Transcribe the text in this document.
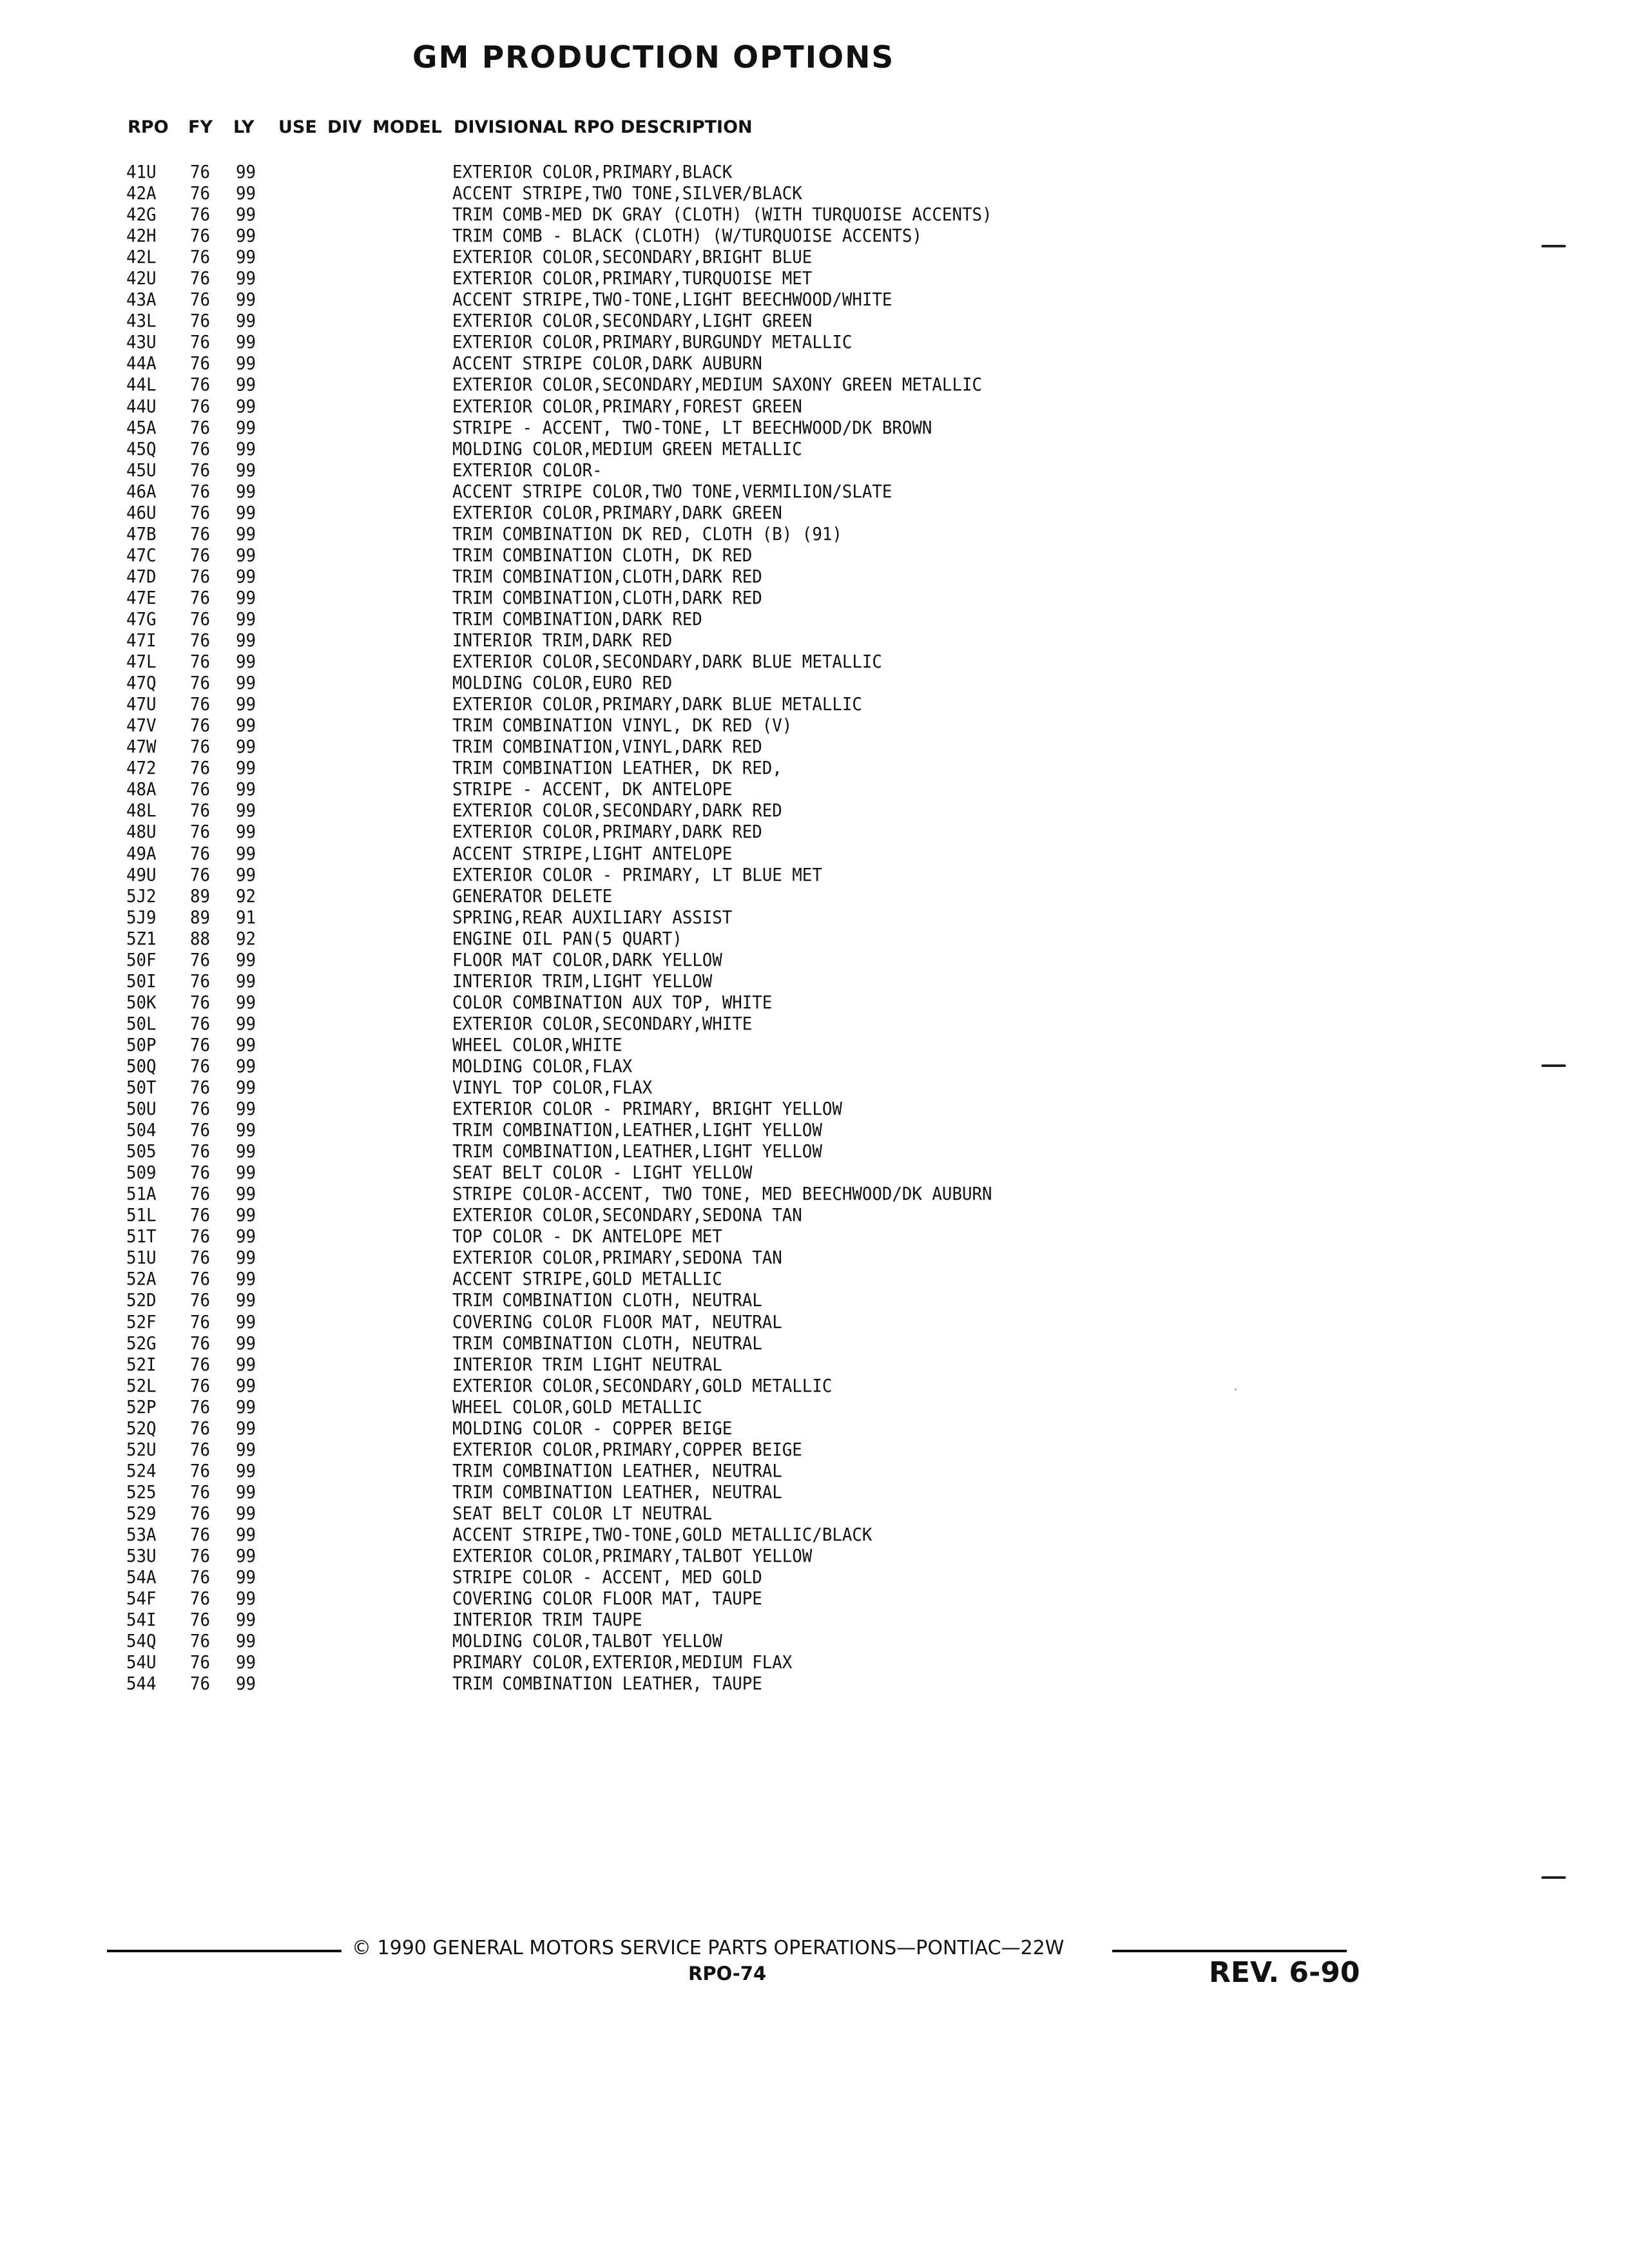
GM PRODUCTION OPTIONS
RPO FY LY USE DIV MODEL DIVISIONAL RPO DESCRIPTION
41U 76 99	EXTERIOR COLOR,PRIMARY,BLACK
42A 76 99	ACCENT STRIPE,TWO TONE,SILVER/BLACK
42G 76 99	TRIM COMB-MED DK GRAY (CLOTH) (WITH TURQUOISE ACCENTS)
42H 76 99	TRIM COMB - BLACK (CLOTH) (W/TURQUOISE ACCENTS)
42L 76 99	EXTERIOR COLOR,SECONDARY,BRIGHT BLUE
42U 76 99	EXTERIOR COLOR,PRIMARY,TURQUOISE MET
43A 76 99	ACCENT STRIPE,TWO-TONE,LIGHT BEECHWOOD/WHITE
43L 76 99	EXTERIOR COLOR,SECONDARY,LIGHT GREEN
43U 76 99	EXTERIOR COLOR,PRIMARY,BURGUNDY METALLIC
44A 76 99	ACCENT STRIPE COLOR,DARK AUBURN
44L 76 99	EXTERIOR COLOR,SECONDARY,MEDIUM SAXONY GREEN METALLIC
44U 76 99	EXTERIOR COLOR,PRIMARY,FOREST GREEN
45A 76 99	STRIPE - ACCENT, TWO-TONE, LT BEECHWOOD/DK BROWN
45Q 76 99	MOLDING COLOR,MEDIUM GREEN METALLIC
45U 76 99	EXTERIOR COLOR-
46A 76 99	ACCENT STRIPE COLOR,TWO TONE,VERMILION/SLATE
46U 76 99	EXTERIOR COLOR,PRIMARY,DARK GREEN
47B 76 99	TRIM COMBINATION DK RED, CLOTH (B) (91)
47C 76 99	TRIM COMBINATION CLOTH, DK RED
47D 76 99	TRIM COMBINATION,CLOTH,DARK RED
47E 76 99	TRIM COMBINATION,CLOTH,DARK RED
47G 76 99	TRIM COMBINATION,DARK RED
47I 76 99	INTERIOR TRIM,DARK RED
47L 76 99	EXTERIOR COLOR,SECONDARY,DARK BLUE METALLIC
47Q 76 99	MOLDING COLOR,EURO RED
47U 76 99	EXTERIOR COLOR,PRIMARY,DARK BLUE METALLIC
47V 76 99	TRIM COMBINATION VINYL, DK RED (V)
47W 76 99	TRIM COMBINATION,VINYL,DARK RED
472 76 99	TRIM COMBINATION LEATHER, DK RED,
48A 76 99	STRIPE - ACCENT, DK ANTELOPE
48L 76 99	EXTERIOR COLOR,SECONDARY,DARK RED
48U 76 99	EXTERIOR COLOR,PRIMARY,DARK RED
49A 76 99	ACCENT STRIPE,LIGHT ANTELOPE
49U 76 99	EXTERIOR COLOR - PRIMARY, LT BLUE MET
5J2 89 92	GENERATOR DELETE
5J9 89 91	SPRING,REAR AUXILIARY ASSIST
5Z1 88 92	ENGINE OIL PAN(5 QUART)
50F 76 99	FLOOR MAT COLOR,DARK YELLOW
50I 76 99	INTERIOR TRIM,LIGHT YELLOW
50K 76 99	COLOR COMBINATION AUX TOP, WHITE
50L 76 99	EXTERIOR COLOR,SECONDARY,WHITE
50P 76 99	WHEEL COLOR,WHITE
50Q 76 99	MOLDING COLOR,FLAX
50T 76 99	VINYL TOP COLOR,FLAX
50U 76 99	EXTERIOR COLOR - PRIMARY, BRIGHT YELLOW
504 76 99	TRIM COMBINATION,LEATHER,LIGHT YELLOW
505 76 99	TRIM COMBINATION,LEATHER,LIGHT YELLOW
509 76 99	SEAT BELT COLOR - LIGHT YELLOW
51A 76 99	STRIPE COLOR-ACCENT, TWO TONE, MED BEECHWOOD/DK AUBURN
51L 76 99	EXTERIOR COLOR,SECONDARY,SEDONA TAN
51T 76 99	TOP COLOR - DK ANTELOPE MET
51U 76 99	EXTERIOR COLOR,PRIMARY,SEDONA TAN
52A 76 99	ACCENT STRIPE,GOLD METALLIC
52D 76 99	TRIM COMBINATION CLOTH, NEUTRAL
52F 76 99	COVERING COLOR FLOOR MAT, NEUTRAL
52G 76 99	TRIM COMBINATION CLOTH, NEUTRAL
52I 76 99	INTERIOR TRIM LIGHT NEUTRAL
52L 76 99	EXTERIOR COLOR,SECONDARY,GOLD METALLIC
52P 76 99	WHEEL COLOR,GOLD METALLIC
52Q 76 99	MOLDING COLOR - COPPER BEIGE
52U 76 99	EXTERIOR COLOR,PRIMARY,COPPER BEIGE
524 76 99	TRIM COMBINATION LEATHER, NEUTRAL
525 76 99	TRIM COMBINATION LEATHER, NEUTRAL
529 76 99	SEAT BELT COLOR LT NEUTRAL
53A 76 99	ACCENT STRIPE,TWO-TONE,GOLD METALLIC/BLACK
53U 76 99	EXTERIOR COLOR,PRIMARY,TALBOT YELLOW
54A 76 99	STRIPE COLOR - ACCENT, MED GOLD
54F 76 99	COVERING COLOR FLOOR MAT, TAUPE
54I 76 99	INTERIOR TRIM TAUPE
54Q 76 99	MOLDING COLOR,TALBOT YELLOW
54U 76 99	PRIMARY COLOR,EXTERIOR,MEDIUM FLAX
544 76 99	TRIM COMBINATION LEATHER, TAUPE
© 1990 GENERAL MOTORS SERVICE PARTS OPERATIONS—PONTIAC—22W
RPO-74	REV. 6-90
